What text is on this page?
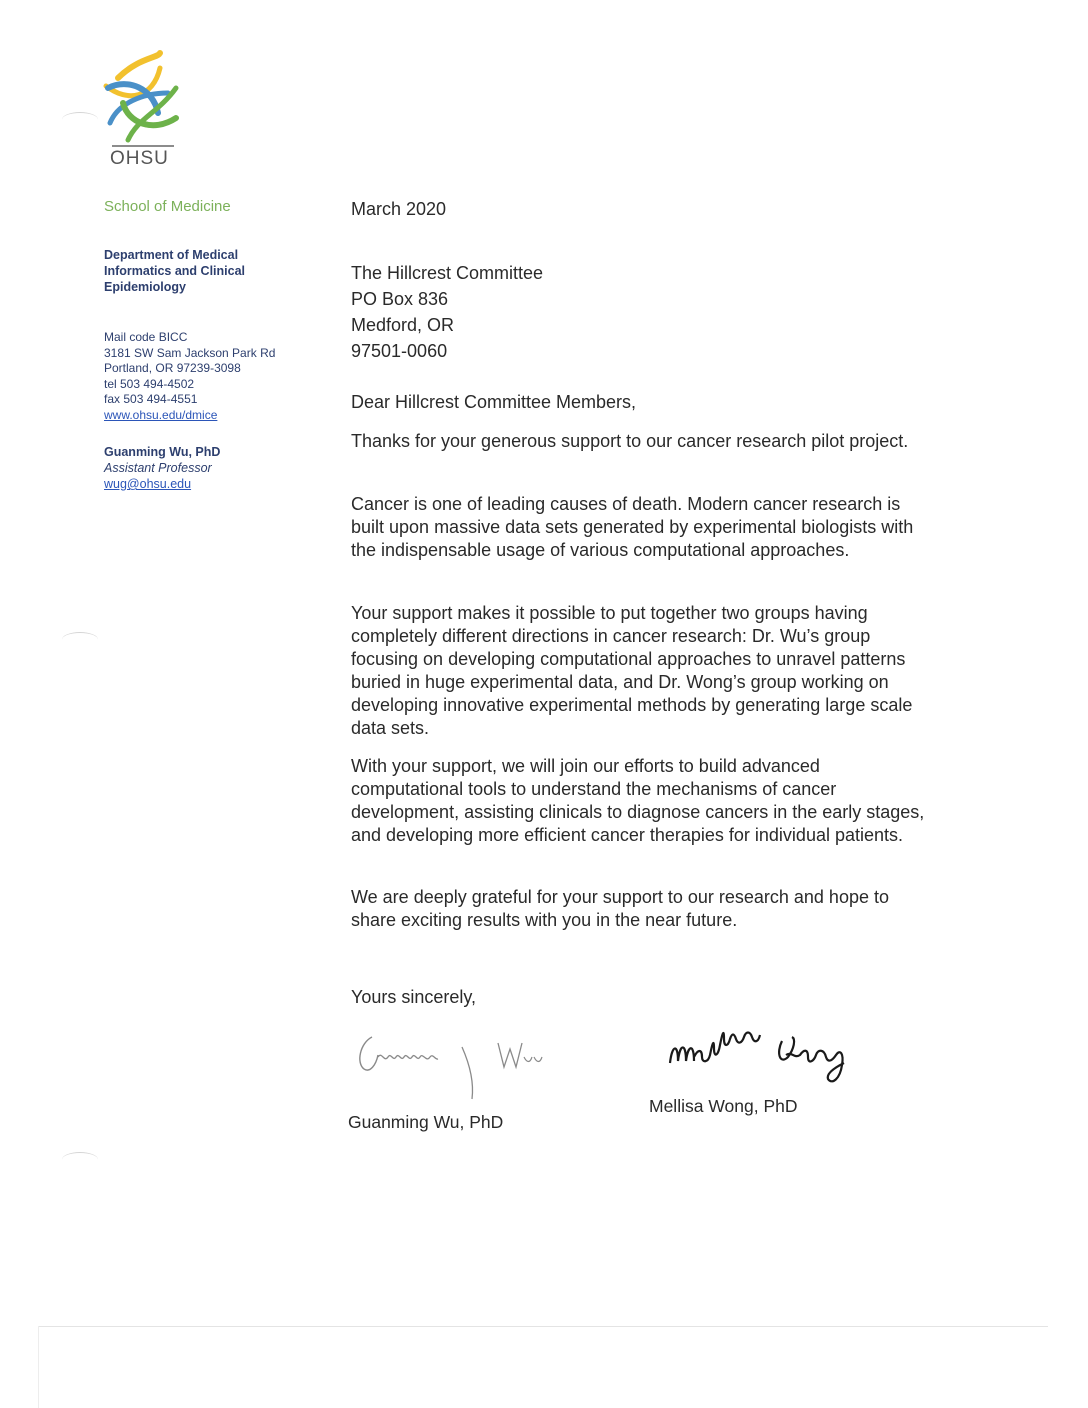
OHSU
School of Medicine
Department of Medical
Informatics and Clinical
Epidemiology
Mail code BICC
3181 SW Sam Jackson Park Rd
Portland, OR 97239-3098
tel 503 494-4502
fax 503 494-4551
www.ohsu.edu/dmice
Guanming Wu, PhD
Assistant Professor
wug@ohsu.edu
March 2020
The Hillcrest Committee
PO Box 836
Medford, OR
97501-0060
Dear Hillcrest Committee Members,
Thanks for your generous support to our cancer research pilot project.
Cancer is one of leading causes of death. Modern cancer research is built upon massive data sets generated by experimental biologists with the indispensable usage of various computational approaches.
Your support makes it possible to put together two groups having completely different directions in cancer research: Dr. Wu’s group focusing on developing computational approaches to unravel patterns buried in huge experimental data, and Dr. Wong’s group working on developing innovative experimental methods by generating large scale data sets.
With your support, we will join our efforts to build advanced computational tools to understand the mechanisms of cancer development, assisting clinicals to diagnose cancers in the early stages, and developing more efficient cancer therapies for individual patients.
We are deeply grateful for your support to our research and hope to share exciting results with you in the near future.
Yours sincerely,
Guanming Wu, PhD
Mellisa Wong, PhD
